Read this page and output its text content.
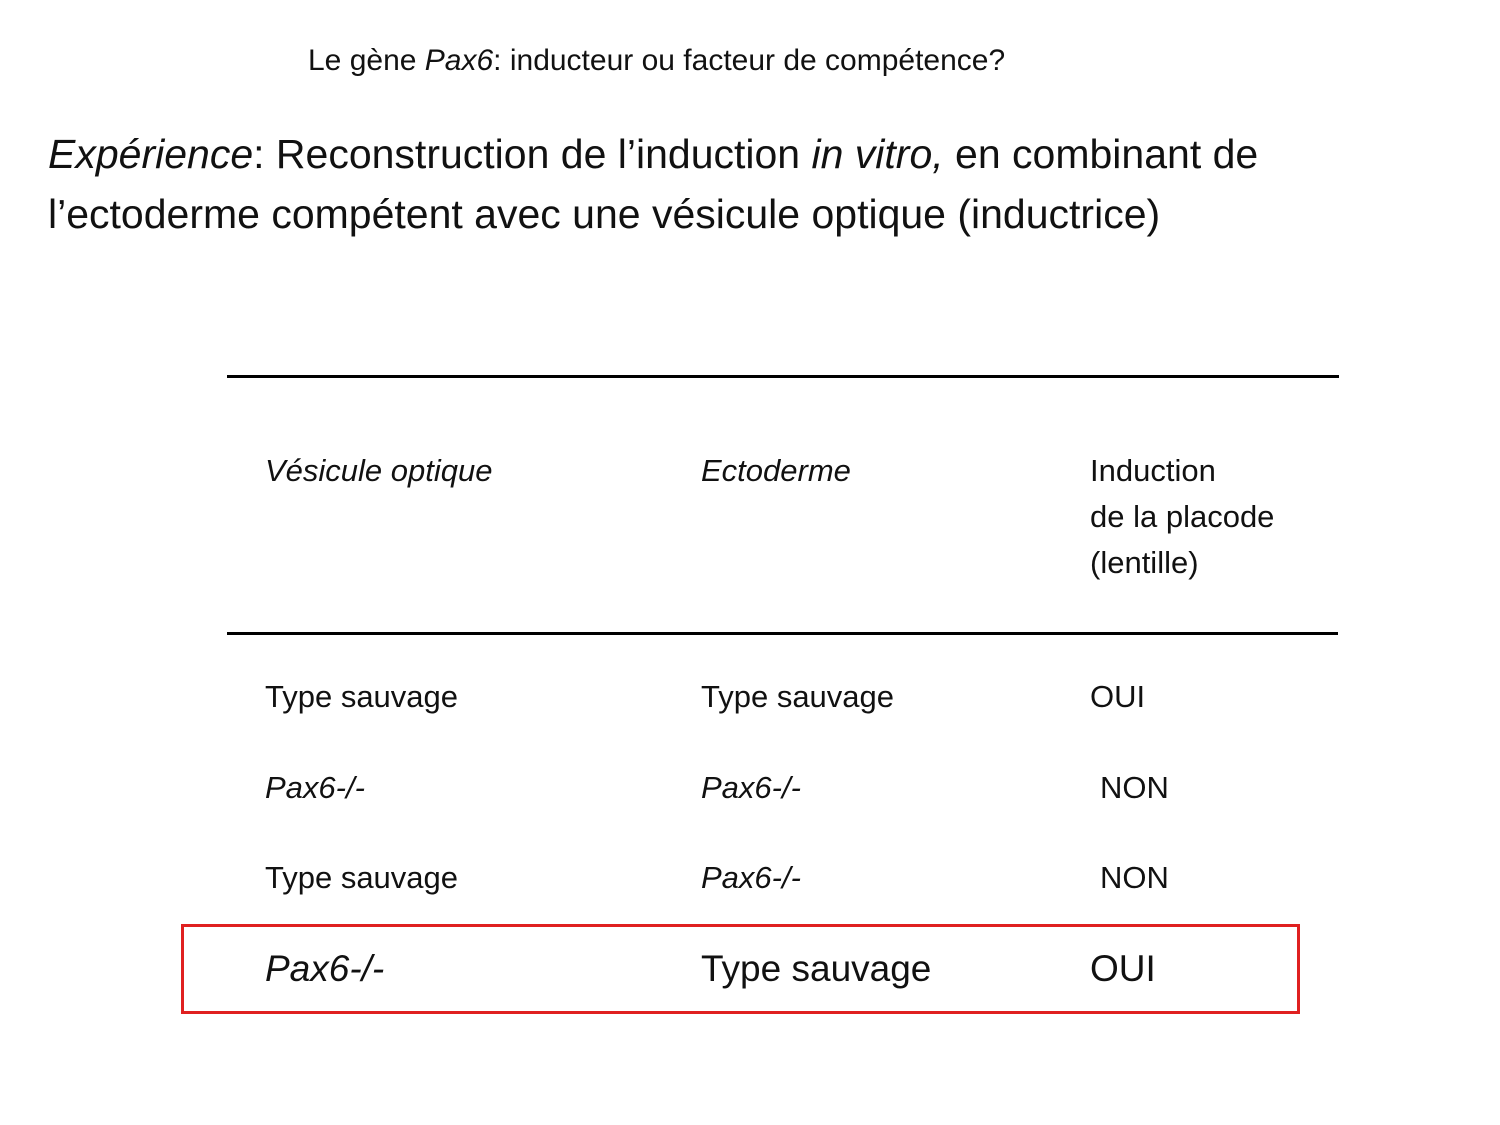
Le gène Pax6: inducteur ou facteur de compétence?
Expérience: Reconstruction de l’induction in vitro, en combinant de l’ectoderme compétent avec une vésicule optique (inductrice)
Vésicule optique	Ectoderme	Induction
de la placode
(lentille)
Type sauvage	Type sauvage	OUI
Pax6-/-	Pax6-/-	NON
Type sauvage	Pax6-/-	NON
Pax6-/-	Type sauvage	OUI
